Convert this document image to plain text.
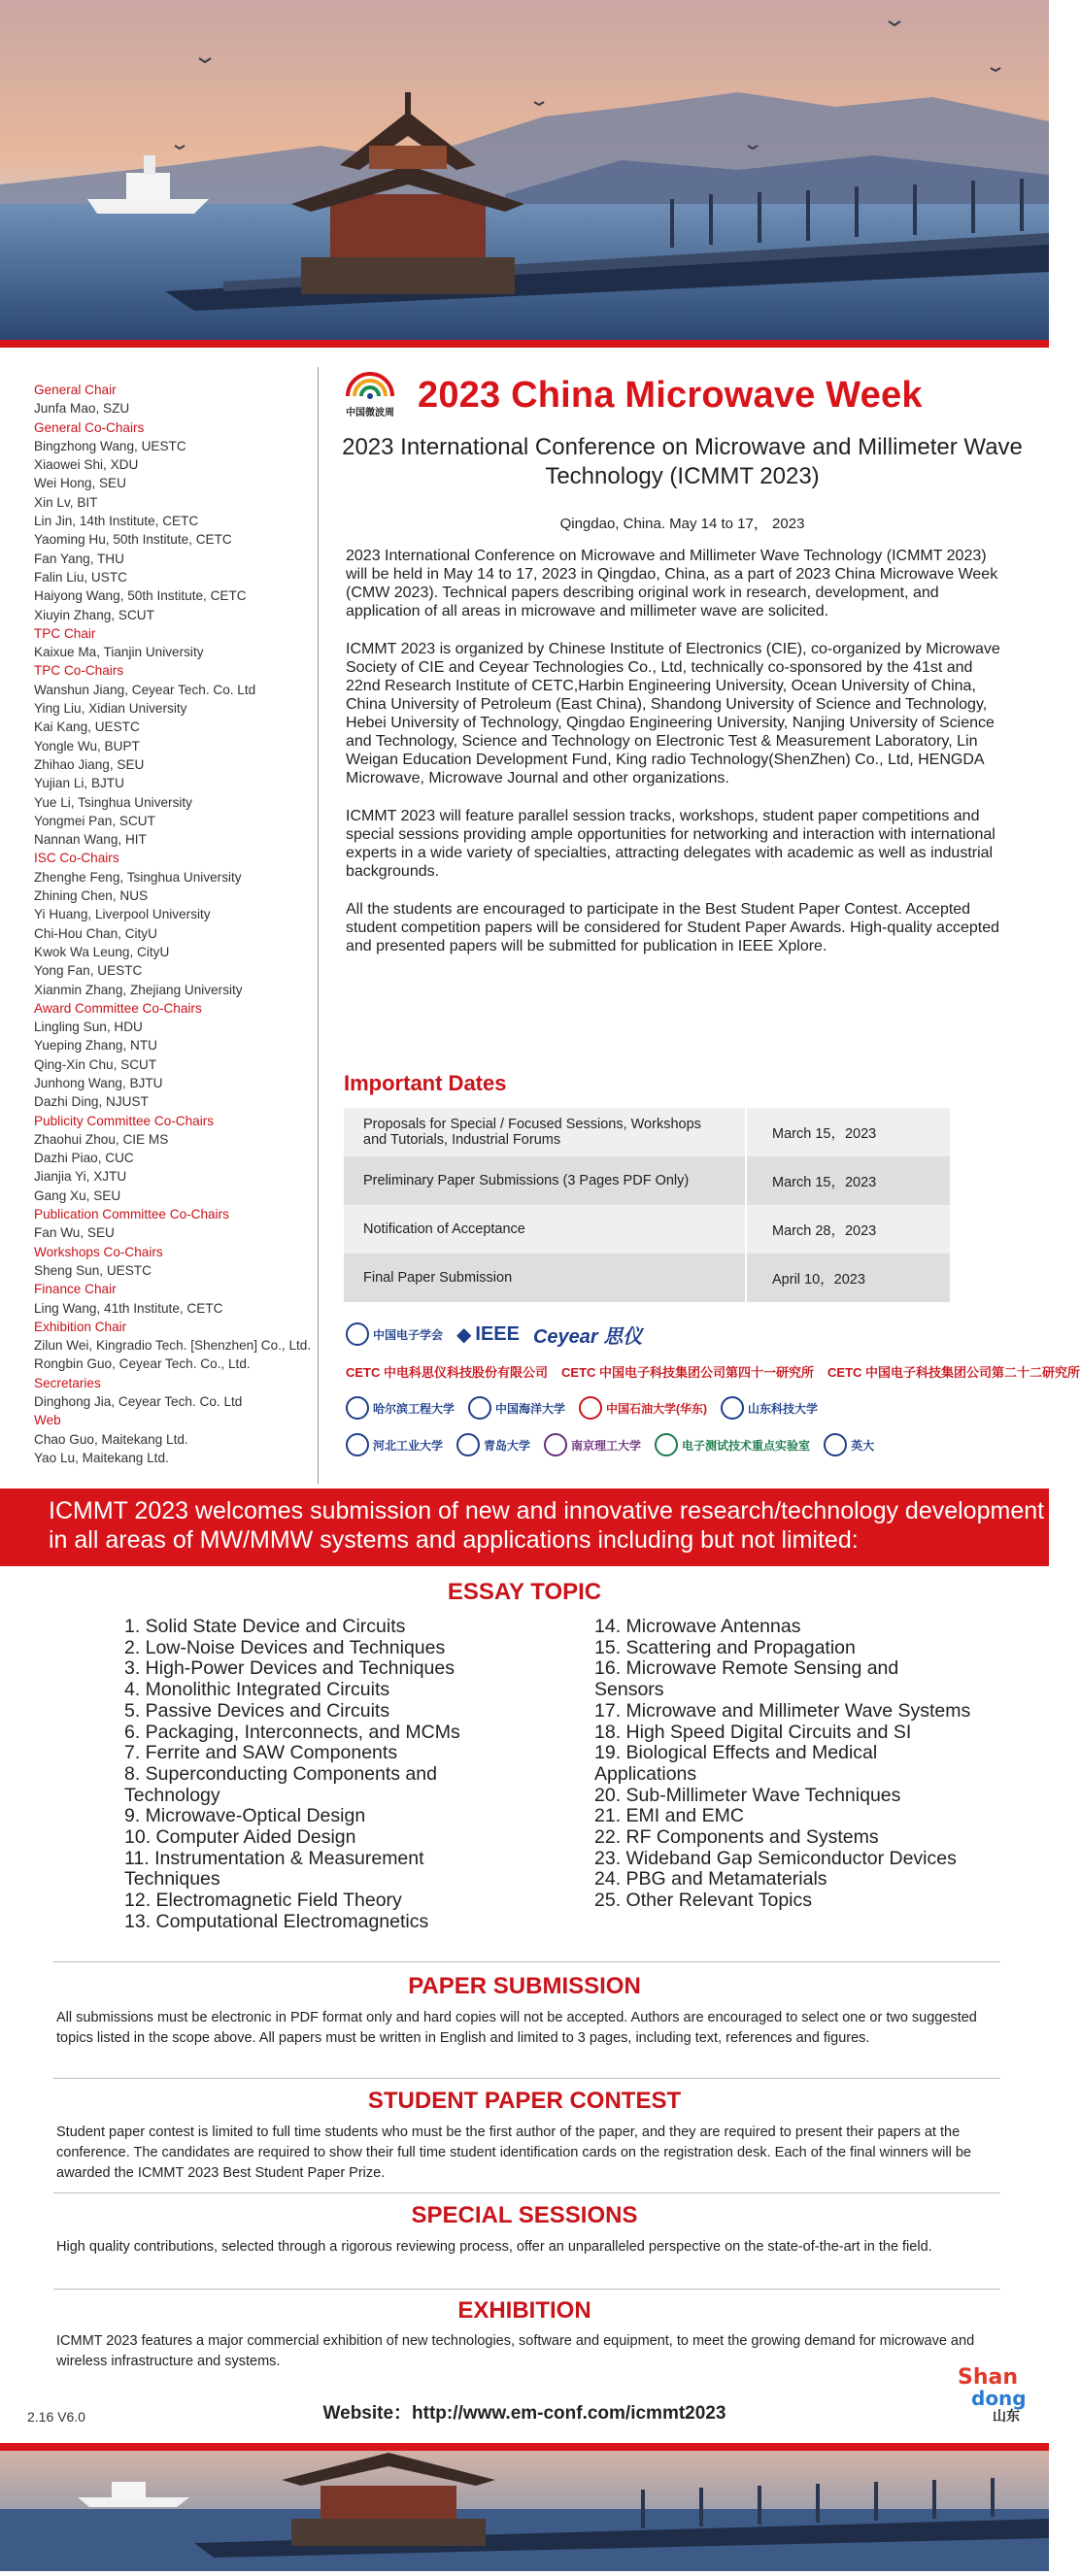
General Chair
Junfa Mao, SZU
General Co-Chairs
Bingzhong Wang, UESTC
Xiaowei Shi, XDU
Wei Hong, SEU
Xin Lv, BIT
Lin Jin, 14th Institute, CETC
Yaoming Hu, 50th Institute, CETC
Fan Yang, THU
Falin Liu, USTC
Haiyong Wang, 50th Institute, CETC
Xiuyin Zhang, SCUT
TPC Chair
Kaixue Ma, Tianjin University
TPC Co-Chairs
Wanshun Jiang, Ceyear Tech. Co. Ltd
Ying Liu, Xidian University
Kai Kang, UESTC
Yongle Wu, BUPT
Zhihao Jiang, SEU
Yujian Li, BJTU
Yue Li, Tsinghua University
Yongmei Pan, SCUT
Nannan Wang, HIT
ISC Co-Chairs
Zhenghe Feng, Tsinghua University
Zhining Chen, NUS
Yi Huang, Liverpool University
Chi-Hou Chan, CityU
Kwok Wa Leung, CityU
Yong Fan, UESTC
Xianmin Zhang, Zhejiang University
Award Committee Co-Chairs
Lingling Sun, HDU
Yueping Zhang, NTU
Qing-Xin Chu, SCUT
Junhong Wang, BJTU
Dazhi Ding, NJUST
Publicity Committee Co-Chairs
Zhaohui Zhou, CIE MS
Dazhi Piao, CUC
Jianjia Yi, XJTU
Gang Xu, SEU
Publication Committee Co-Chairs
Fan Wu, SEU
Workshops Co-Chairs
Sheng Sun, UESTC
Finance Chair
Ling Wang, 41th Institute, CETC
Exhibition Chair
Zilun Wei, Kingradio Tech. [Shenzhen] Co., Ltd.
Rongbin Guo, Ceyear Tech. Co., Ltd.
Secretaries
Dinghong Jia, Ceyear Tech. Co. Ltd
Web
Chao Guo, Maitekang Ltd.
Yao Lu, Maitekang Ltd.
中国微波周 2023 China Microwave Week
2023 International Conference on Microwave and Millimeter Wave Technology (ICMMT 2023)
Qingdao, China. May 14 to 17， 2023

2023 International Conference on Microwave and Millimeter Wave Technology (ICMMT 2023) will be held in May 14 to 17, 2023 in Qingdao, China, as a part of 2023 China Microwave Week (CMW 2023). Technical papers describing original work in research, development, and application of all areas in microwave and millimeter wave are solicited.

ICMMT 2023 is organized by Chinese Institute of Electronics (CIE), co-organized by Microwave Society of CIE and Ceyear Technologies Co., Ltd, technically co-sponsored by the 41st and 22nd Research Institute of CETC,Harbin Engineering University, Ocean University of China, China University of Petroleum (East China), Shandong University of Science and Technology, Hebei University of Technology, Qingdao Engineering University, Nanjing University of Science and Technology, Science and Technology on Electronic Test & Measurement Laboratory, Lin Weigan Education Development Fund, King radio Technology(ShenZhen) Co., Ltd, HENGDA Microwave, Microwave Journal and other organizations.

ICMMT 2023 will feature parallel session tracks, workshops, student paper competitions and special sessions providing ample opportunities for networking and interaction with international experts in a wide variety of specialties, attracting delegates with academic as well as industrial backgrounds.

All the students are encouraged to participate in the Best Student Paper Contest. Accepted student competition papers will be considered for Student Paper Awards. High-quality accepted and presented papers will be submitted for publication in IEEE Xplore.

Important Dates
Proposals for Special / Focused Sessions, Workshops and Tutorials, Industrial Forums	March 15，2023
Preliminary Paper Submissions (3 Pages PDF Only)	March 15，2023
Notification of Acceptance	March 28，2023
Final Paper Submission	April 10，2023
中国电子学会 ◆ IEEE Ceyear 思仪
CETC 中电科思仪科技股份有限公司 CETC 中国电子科技集团公司第四十一研究所 CETC 中国电子科技集团公司第二十二研究所
哈尔滨工程大学	中国海洋大学	中国石油大学(华东)	山东科技大学
河北工业大学	青岛大学	南京理工大学	电子测试技术重点实验室	英大
ICMMT 2023 welcomes submission of new and innovative research/technology development in all areas of MW/MMW systems and applications including but not limited:
ESSAY TOPIC
1. Solid State Device and Circuits
2. Low-Noise Devices and Techniques
3. High-Power Devices and Techniques
4. Monolithic Integrated Circuits
5. Passive Devices and Circuits
6. Packaging, Interconnects, and MCMs
7. Ferrite and SAW Components
8. Superconducting Components and Technology
9. Microwave-Optical Design
10. Computer Aided Design
11. Instrumentation & Measurement Techniques
12. Electromagnetic Field Theory
13. Computational Electromagnetics
14. Microwave Antennas
15. Scattering and Propagation
16. Microwave Remote Sensing and Sensors
17. Microwave and Millimeter Wave Systems
18. High Speed Digital Circuits and SI
19. Biological Effects and Medical Applications
20. Sub-Millimeter Wave Techniques
21. EMI and EMC
22. RF Components and Systems
23. Wideband Gap Semiconductor Devices
24. PBG and Metamaterials
25. Other Relevant Topics
PAPER SUBMISSION
All submissions must be electronic in PDF format only and hard copies will not be accepted. Authors are encouraged to select one or two suggested topics listed in the scope above. All papers must be written in English and limited to 3 pages, including text, references and figures.
STUDENT PAPER CONTEST
Student paper contest is limited to full time students who must be the first author of the paper, and they are required to present their papers at the conference. The candidates are required to show their full time student identification cards on the registration desk. Each of the final winners will be awarded the ICMMT 2023 Best Student Paper Prize.
SPECIAL SESSIONS
High quality contributions, selected through a rigorous reviewing process, offer an unparalleled perspective on the state-of-the-art in the field.
EXHIBITION
ICMMT 2023 features a major commercial exhibition of new technologies, software and equipment, to meet the growing demand for microwave and wireless infrastructure and systems.
Website：http://www.em-conf.com/icmmt2023
2.16 V6.0
Shan
dong
山东
